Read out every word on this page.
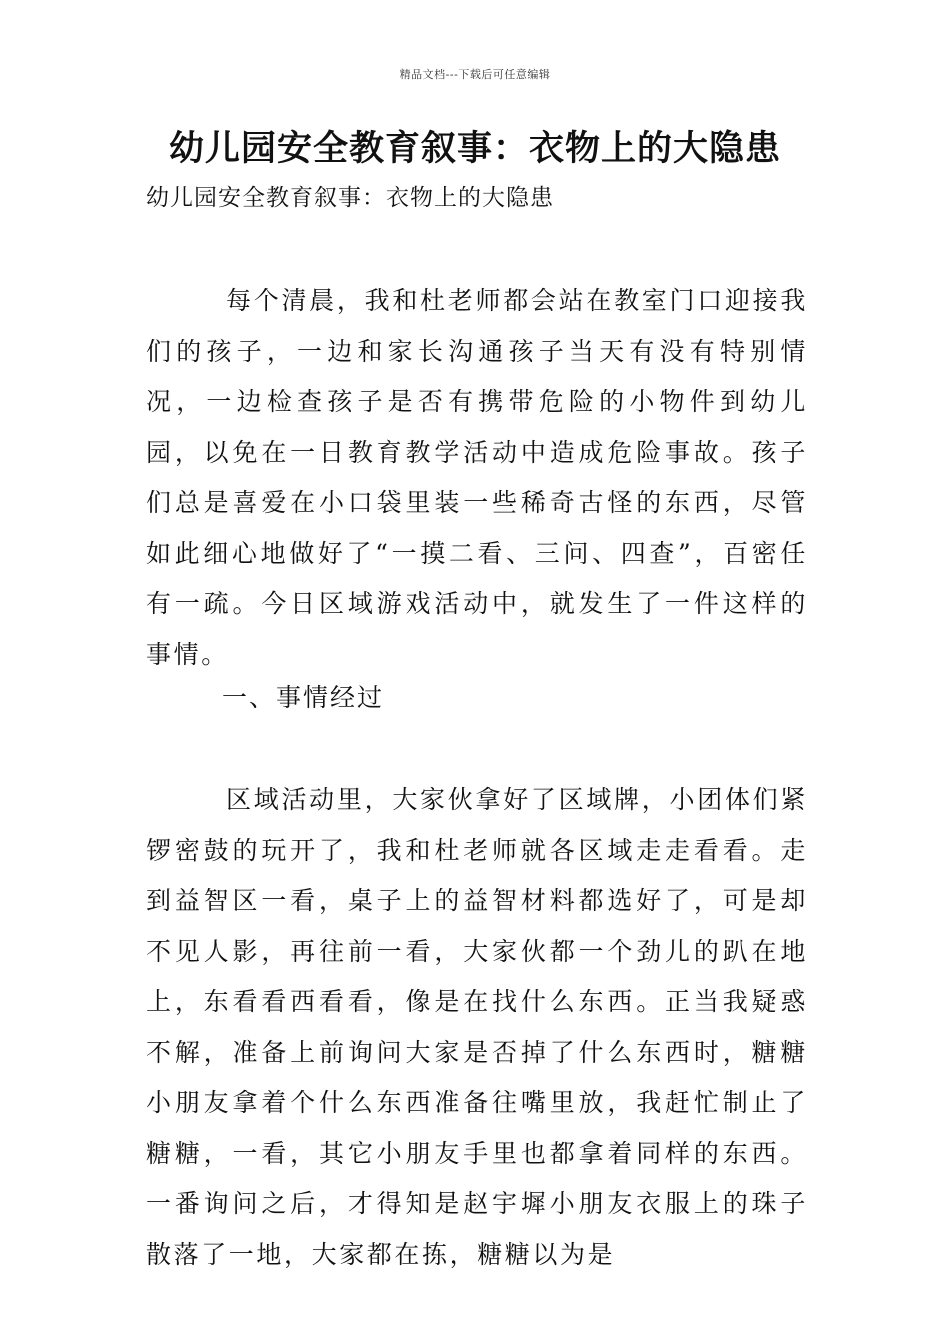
精品文档---下载后可任意编辑
幼儿园安全教育叙事：衣物上的大隐患
幼儿园安全教育叙事：衣物上的大隐患

每个清晨，我和杜老师都会站在教室门口迎接我们的孩子，一边和家长沟通孩子当天有没有特别情况，一边检查孩子是否有携带危险的小物件到幼儿园，以免在一日教育教学活动中造成危险事故。孩子们总是喜爱在小口袋里装一些稀奇古怪的东西，尽管如此细心地做好了“一摸二看、三问、四查”，百密任有一疏。今日区域游戏活动中，就发生了一件这样的事情。

一、事情经过

区域活动里，大家伙拿好了区域牌，小团体们紧锣密鼓的玩开了，我和杜老师就各区域走走看看。走到益智区一看，桌子上的益智材料都选好了，可是却不见人影，再往前一看，大家伙都一个劲儿的趴在地上，东看看西看看，像是在找什么东西。正当我疑惑不解，准备上前询问大家是否掉了什么东西时，糖糖小朋友拿着个什么东西准备往嘴里放，我赶忙制止了糖糖，一看，其它小朋友手里也都拿着同样的东西。一番询问之后，才得知是赵宇墀小朋友衣服上的珠子散落了一地，大家都在拣，糖糖以为是
